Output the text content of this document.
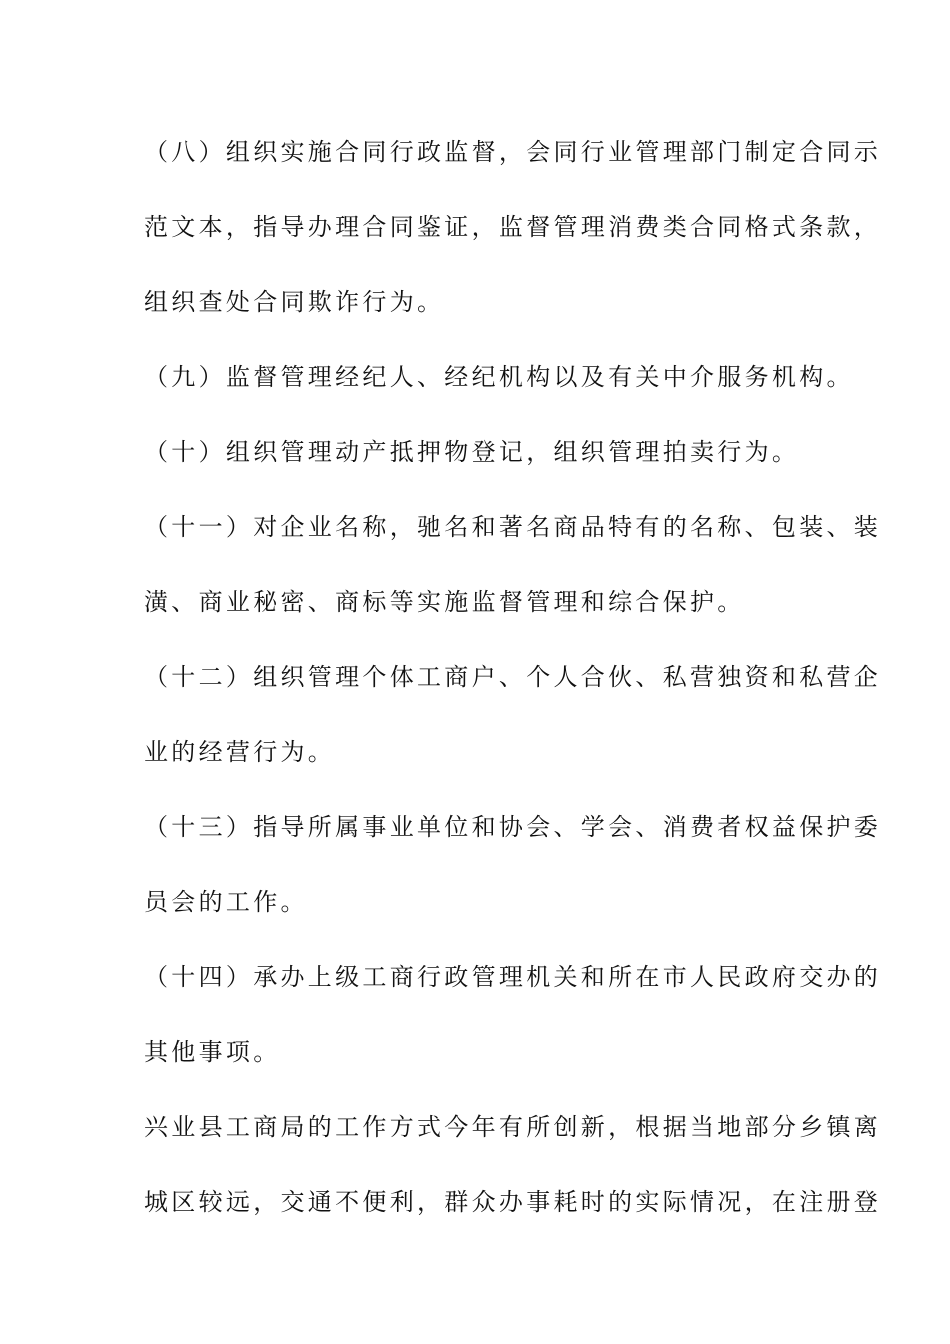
（八）组织实施合同行政监督，会同行业管理部门制定合同示
范文本，指导办理合同鉴证，监督管理消费类合同格式条款，
组织查处合同欺诈行为。
（九）监督管理经纪人、经纪机构以及有关中介服务机构。
（十）组织管理动产抵押物登记，组织管理拍卖行为。
（十一）对企业名称，驰名和著名商品特有的名称、包装、装
潢、商业秘密、商标等实施监督管理和综合保护。
（十二）组织管理个体工商户、个人合伙、私营独资和私营企
业的经营行为。
（十三）指导所属事业单位和协会、学会、消费者权益保护委
员会的工作。
（十四）承办上级工商行政管理机关和所在市人民政府交办的
其他事项。
兴业县工商局的工作方式今年有所创新，根据当地部分乡镇离
城区较远，交通不便利，群众办事耗时的实际情况，在注册登
